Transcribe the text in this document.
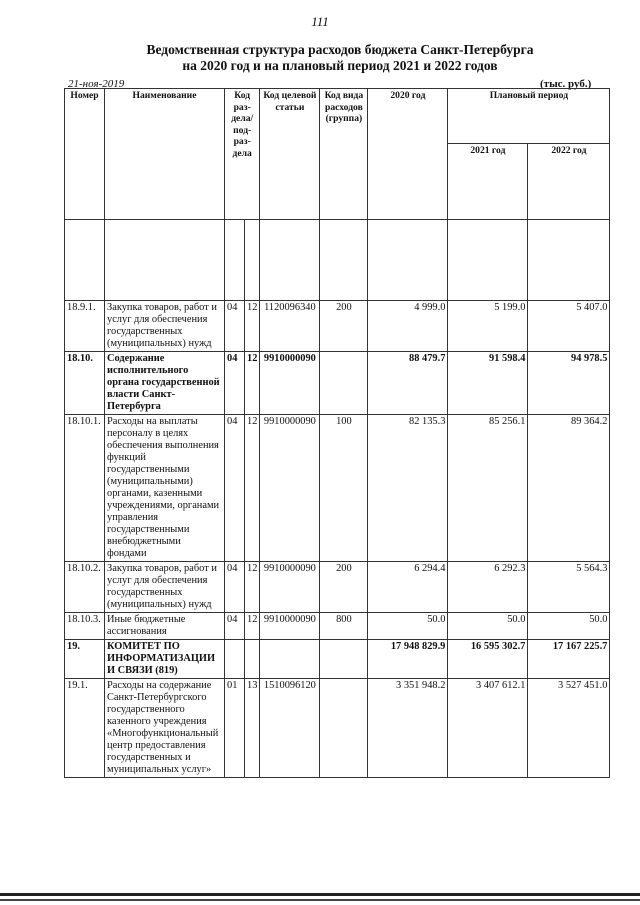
111
Ведомственная структура расходов бюджета Санкт-Петербурга
на 2020 год и на плановый период 2021 и 2022 годов
21-ноя-2019	(тыс. руб.)
Номер	Наименование	Код раз-дела/ под-раз-дела		Код целевой статьи	Код вида расходов (группа)	2020 год	Плановый период	
							2021 год	2022 год

18.9.1.	Закупка товаров, работ и услуг для обеспечения государственных (муниципальных) нужд	04	12	1120096340	200	4 999.0	5 199.0	5 407.0
18.10.	Содержание исполнительного органа государственной власти Санкт-Петербурга	04	12	9910000090		88 479.7	91 598.4	94 978.5
18.10.1.	Расходы на выплаты персоналу в целях обеспечения выполнения функций государственными (муниципальными) органами, казенными учреждениями, органами управления государственными внебюджетными фондами	04	12	9910000090	100	82 135.3	85 256.1	89 364.2
18.10.2.	Закупка товаров, работ и услуг для обеспечения государственных (муниципальных) нужд	04	12	9910000090	200	6 294.4	6 292.3	5 564.3
18.10.3.	Иные бюджетные ассигнования	04	12	9910000090	800	50.0	50.0	50.0
19.	КОМИТЕТ ПО ИНФОРМАТИЗАЦИИ И СВЯЗИ (819)					17 948 829.9	16 595 302.7	17 167 225.7
19.1.	Расходы на содержание Санкт-Петербургского государственного казенного учреждения «Многофункциональный центр предоставления государственных и муниципальных услуг»	01	13	1510096120		3 351 948.2	3 407 612.1	3 527 451.0
